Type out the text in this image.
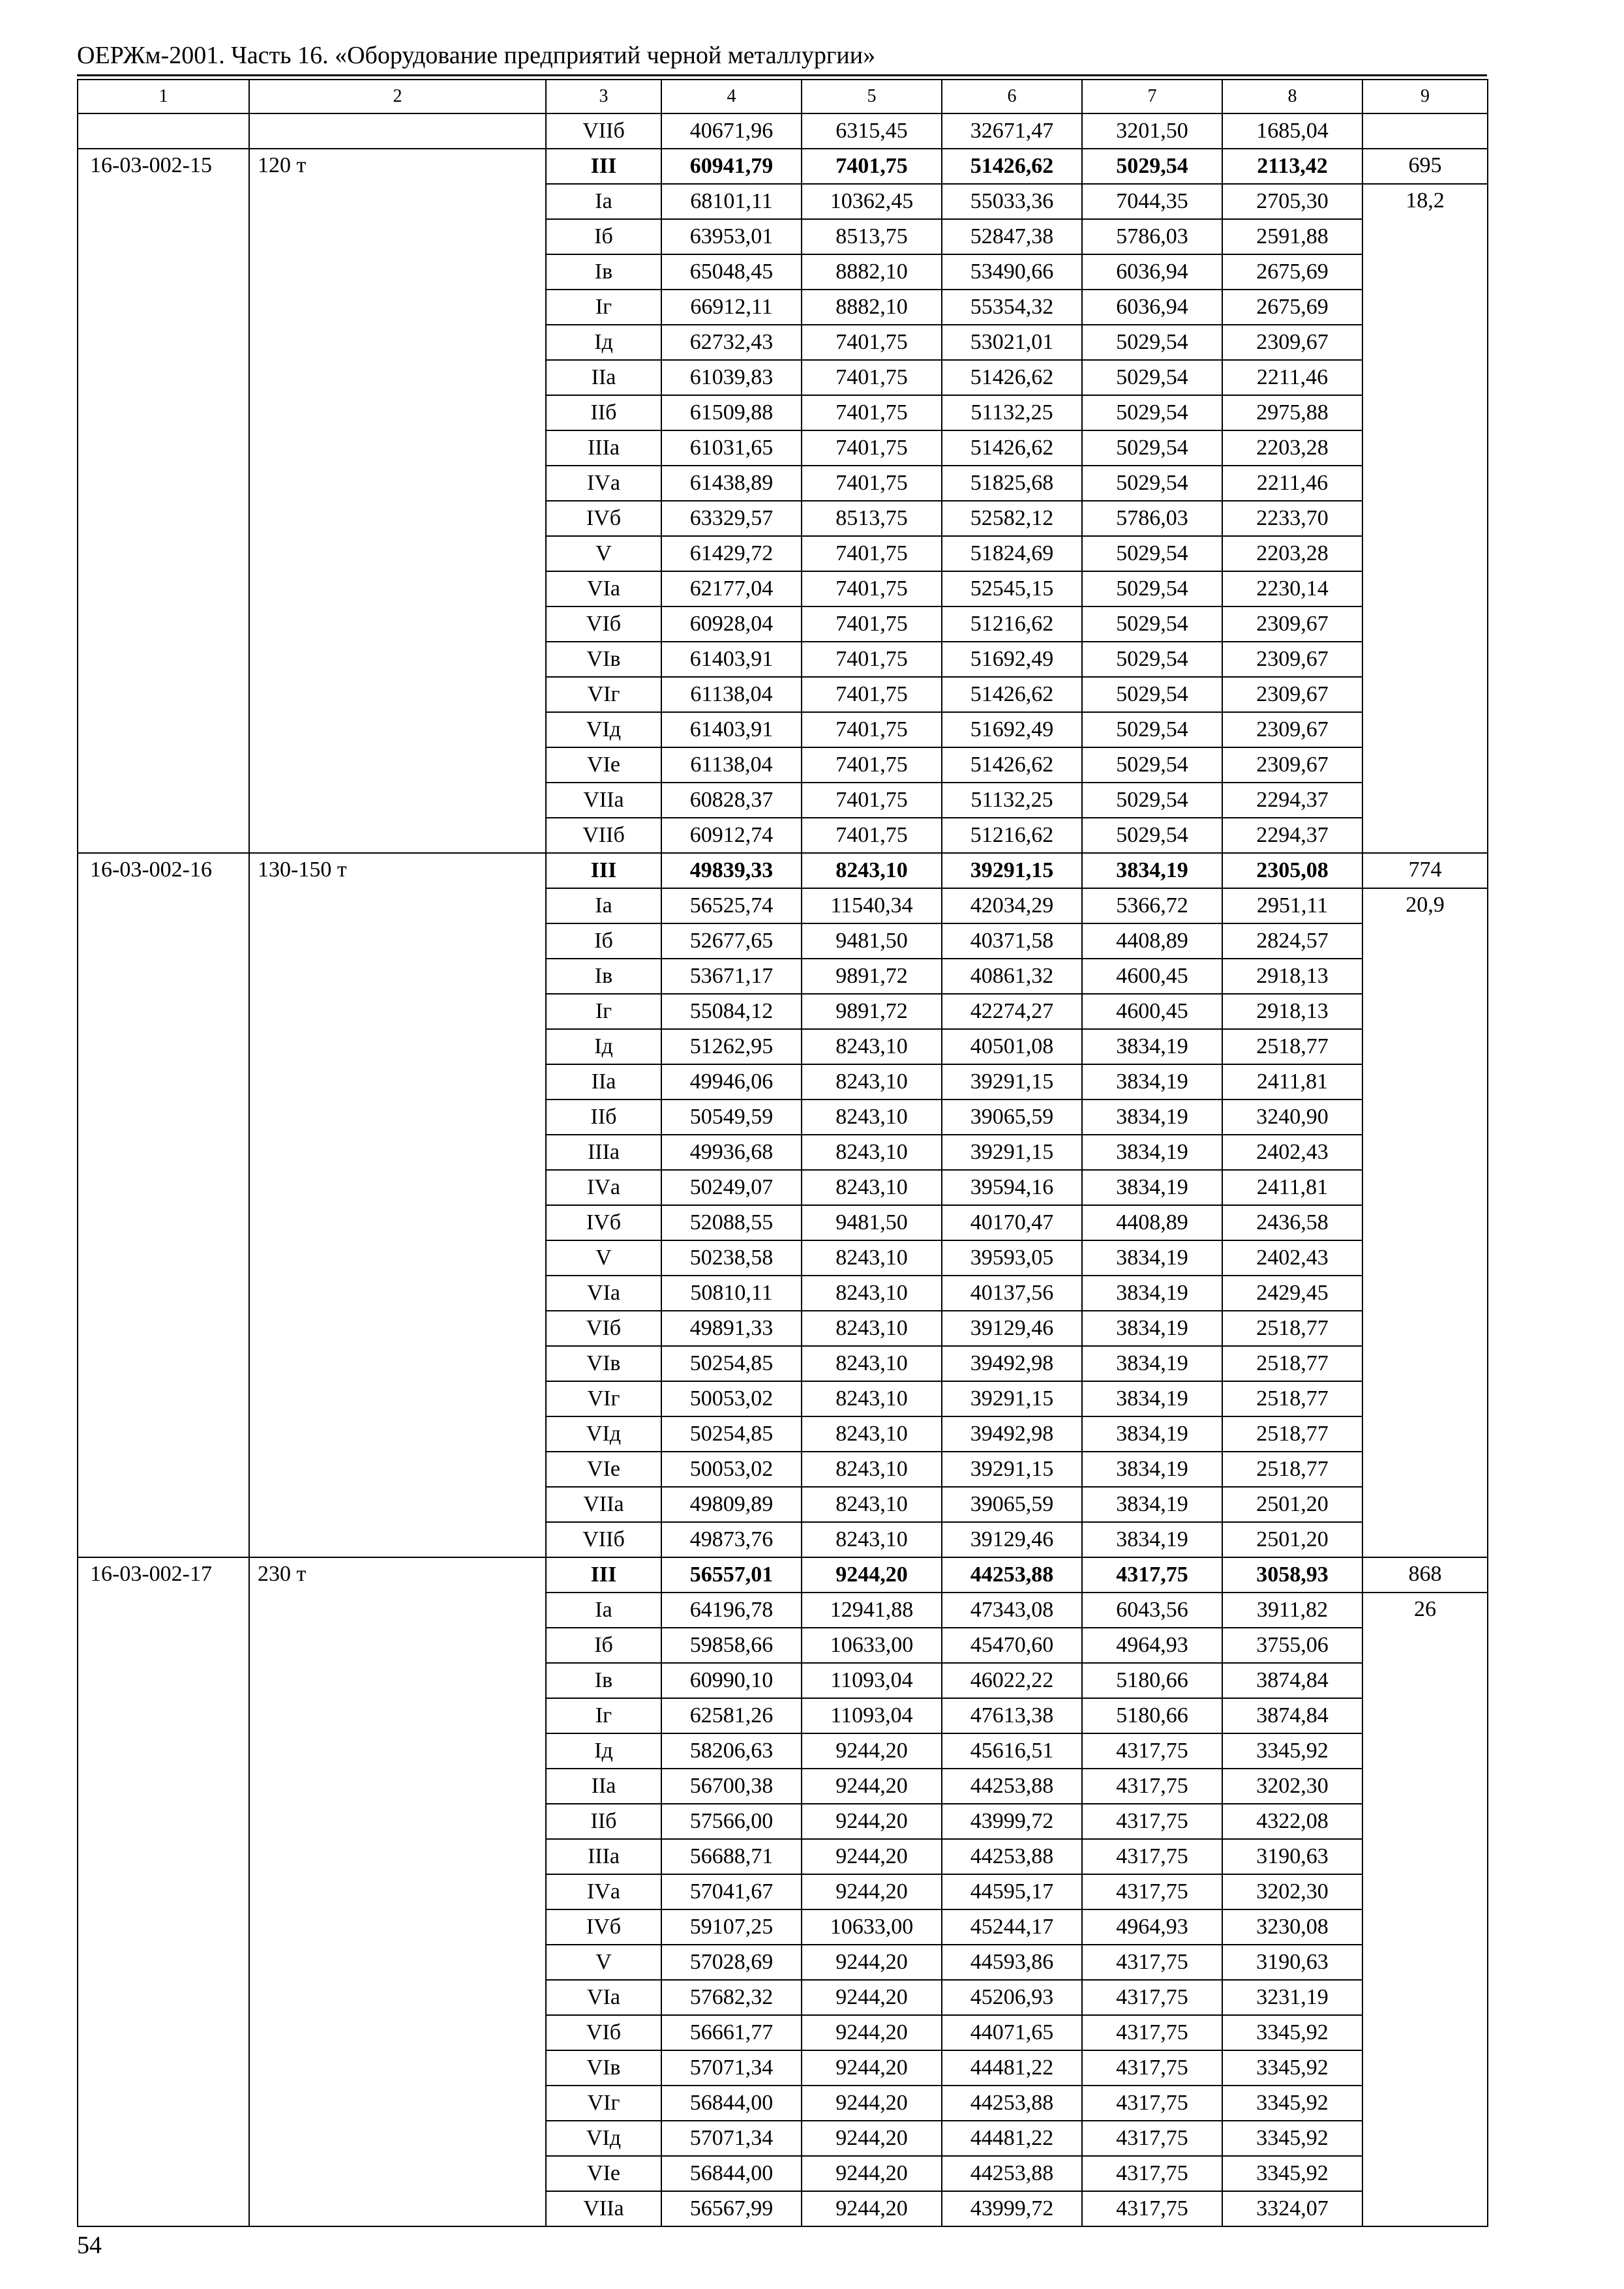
ОЕРЖм-2001. Часть 16. «Оборудование предприятий черной металлургии»
1	2	3	4	5	6	7	8	9
		VIIб	40671,96	6315,45	32671,47	3201,50	1685,04	
16-03-002-15	120 т	III	60941,79	7401,75	51426,62	5029,54	2113,42	695
		Iа	68101,11	10362,45	55033,36	7044,35	2705,30	18,2
		Iб	63953,01	8513,75	52847,38	5786,03	2591,88	
		Iв	65048,45	8882,10	53490,66	6036,94	2675,69	
		Iг	66912,11	8882,10	55354,32	6036,94	2675,69	
		Iд	62732,43	7401,75	53021,01	5029,54	2309,67	
		IIа	61039,83	7401,75	51426,62	5029,54	2211,46	
		IIб	61509,88	7401,75	51132,25	5029,54	2975,88	
		IIIа	61031,65	7401,75	51426,62	5029,54	2203,28	
		IVа	61438,89	7401,75	51825,68	5029,54	2211,46	
		IVб	63329,57	8513,75	52582,12	5786,03	2233,70	
		V	61429,72	7401,75	51824,69	5029,54	2203,28	
		VIа	62177,04	7401,75	52545,15	5029,54	2230,14	
		VIб	60928,04	7401,75	51216,62	5029,54	2309,67	
		VIв	61403,91	7401,75	51692,49	5029,54	2309,67	
		VIг	61138,04	7401,75	51426,62	5029,54	2309,67	
		VIд	61403,91	7401,75	51692,49	5029,54	2309,67	
		VIе	61138,04	7401,75	51426,62	5029,54	2309,67	
		VIIа	60828,37	7401,75	51132,25	5029,54	2294,37	
		VIIб	60912,74	7401,75	51216,62	5029,54	2294,37	
16-03-002-16	130-150 т	III	49839,33	8243,10	39291,15	3834,19	2305,08	774
		Iа	56525,74	11540,34	42034,29	5366,72	2951,11	20,9
		Iб	52677,65	9481,50	40371,58	4408,89	2824,57	
		Iв	53671,17	9891,72	40861,32	4600,45	2918,13	
		Iг	55084,12	9891,72	42274,27	4600,45	2918,13	
		Iд	51262,95	8243,10	40501,08	3834,19	2518,77	
		IIа	49946,06	8243,10	39291,15	3834,19	2411,81	
		IIб	50549,59	8243,10	39065,59	3834,19	3240,90	
		IIIа	49936,68	8243,10	39291,15	3834,19	2402,43	
		IVа	50249,07	8243,10	39594,16	3834,19	2411,81	
		IVб	52088,55	9481,50	40170,47	4408,89	2436,58	
		V	50238,58	8243,10	39593,05	3834,19	2402,43	
		VIа	50810,11	8243,10	40137,56	3834,19	2429,45	
		VIб	49891,33	8243,10	39129,46	3834,19	2518,77	
		VIв	50254,85	8243,10	39492,98	3834,19	2518,77	
		VIг	50053,02	8243,10	39291,15	3834,19	2518,77	
		VIд	50254,85	8243,10	39492,98	3834,19	2518,77	
		VIе	50053,02	8243,10	39291,15	3834,19	2518,77	
		VIIа	49809,89	8243,10	39065,59	3834,19	2501,20	
		VIIб	49873,76	8243,10	39129,46	3834,19	2501,20	
16-03-002-17	230 т	III	56557,01	9244,20	44253,88	4317,75	3058,93	868
		Iа	64196,78	12941,88	47343,08	6043,56	3911,82	26
		Iб	59858,66	10633,00	45470,60	4964,93	3755,06	
		Iв	60990,10	11093,04	46022,22	5180,66	3874,84	
		Iг	62581,26	11093,04	47613,38	5180,66	3874,84	
		Iд	58206,63	9244,20	45616,51	4317,75	3345,92	
		IIа	56700,38	9244,20	44253,88	4317,75	3202,30	
		IIб	57566,00	9244,20	43999,72	4317,75	4322,08	
		IIIа	56688,71	9244,20	44253,88	4317,75	3190,63	
		IVа	57041,67	9244,20	44595,17	4317,75	3202,30	
		IVб	59107,25	10633,00	45244,17	4964,93	3230,08	
		V	57028,69	9244,20	44593,86	4317,75	3190,63	
		VIа	57682,32	9244,20	45206,93	4317,75	3231,19	
		VIб	56661,77	9244,20	44071,65	4317,75	3345,92	
		VIв	57071,34	9244,20	44481,22	4317,75	3345,92	
		VIг	56844,00	9244,20	44253,88	4317,75	3345,92	
		VIд	57071,34	9244,20	44481,22	4317,75	3345,92	
		VIе	56844,00	9244,20	44253,88	4317,75	3345,92	
		VIIа	56567,99	9244,20	43999,72	4317,75	3324,07	
54
